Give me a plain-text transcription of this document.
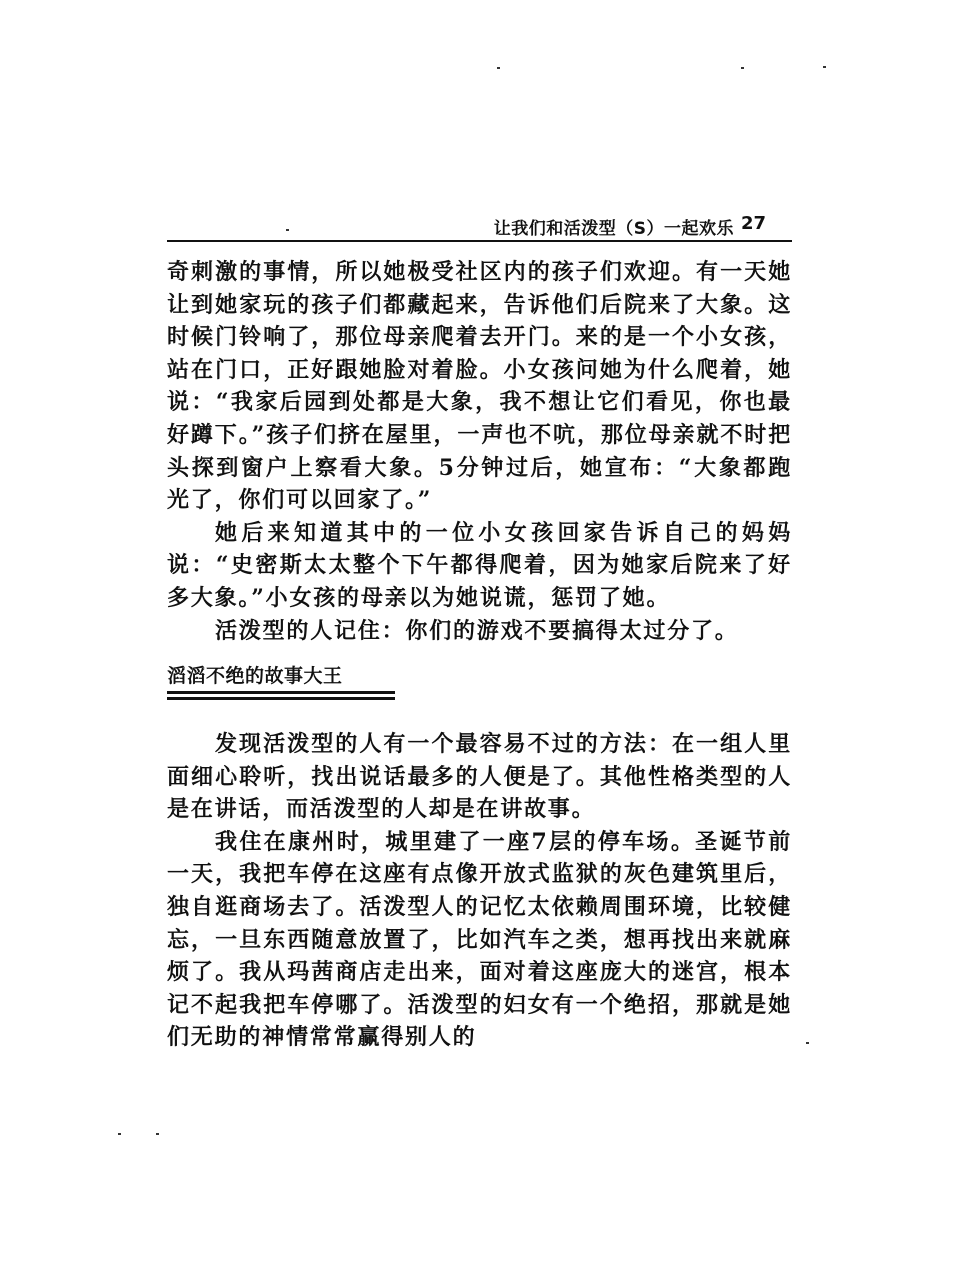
让我们和活泼型（S）一起欢乐 27

奇刺激的事情，所以她极受社区内的孩子们欢迎。有一天她让到她家玩的孩子们都藏起来，告诉他们后院来了大象。这时候门铃响了，那位母亲爬着去开门。来的是一个小女孩，站在门口，正好跟她脸对着脸。小女孩问她为什么爬着，她说：“我家后园到处都是大象，我不想让它们看见，你也最好蹲下。”孩子们挤在屋里，一声也不吭，那位母亲就不时把头探到窗户上察看大象。5分钟过后，她宣布：“大象都跑光了，你们可以回家了。”

她后来知道其中的一位小女孩回家告诉自己的妈妈说：“史密斯太太整个下午都得爬着，因为她家后院来了好多大象。”小女孩的母亲以为她说谎，惩罚了她。

活泼型的人记住：你们的游戏不要搞得太过分了。

滔滔不绝的故事大王

发现活泼型的人有一个最容易不过的方法：在一组人里面细心聆听，找出说话最多的人便是了。其他性格类型的人是在讲话，而活泼型的人却是在讲故事。

我住在康州时，城里建了一座7层的停车场。圣诞节前一天，我把车停在这座有点像开放式监狱的灰色建筑里后，独自逛商场去了。活泼型人的记忆太依赖周围环境，比较健忘，一旦东西随意放置了，比如汽车之类，想再找出来就麻烦了。我从玛茜商店走出来，面对着这座庞大的迷宫，根本记不起我把车停哪了。活泼型的妇女有一个绝招，那就是她们无助的神情常常赢得别人的
